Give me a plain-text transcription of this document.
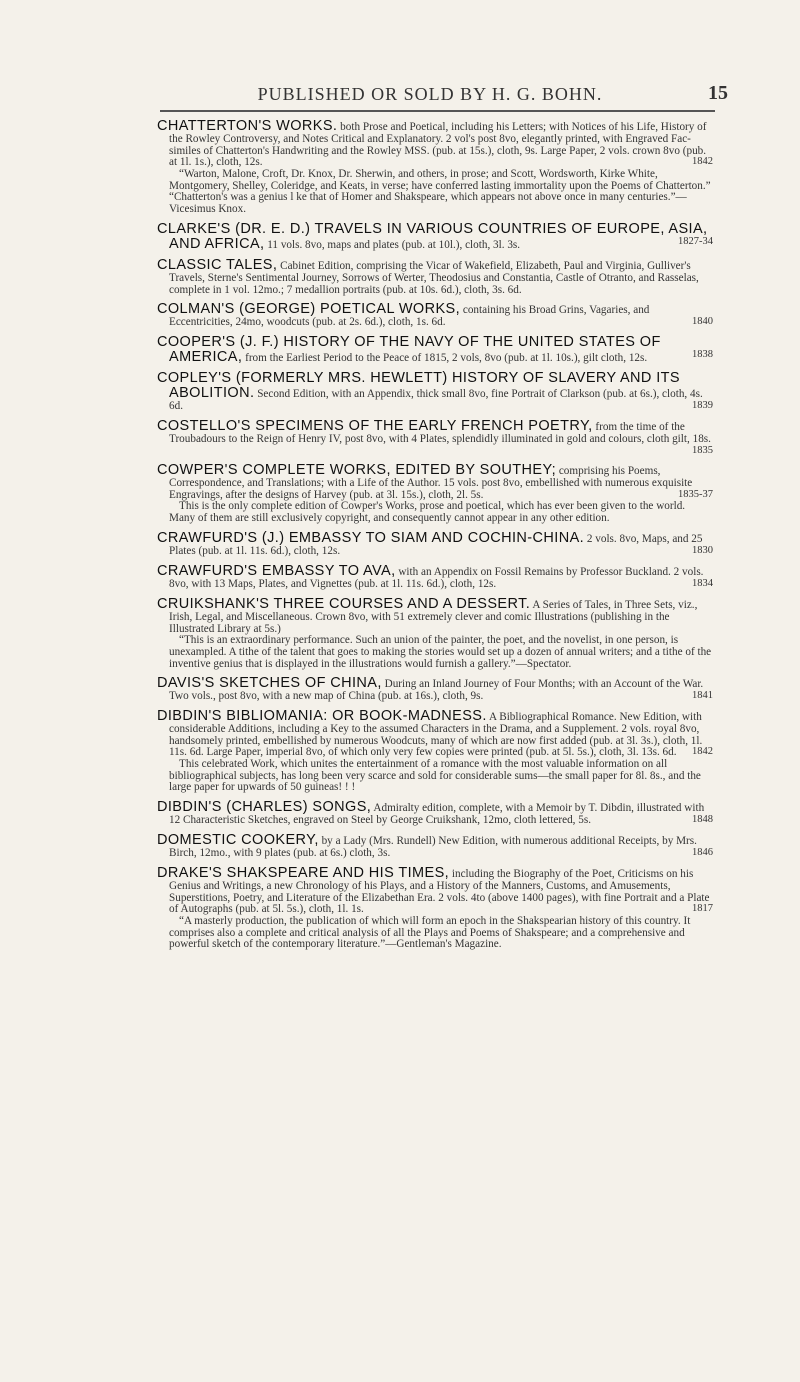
PUBLISHED OR SOLD BY H. G. BOHN.	15

CHATTERTON'S WORKS. both Prose and Poetical, including his Letters; with Notices of his Life, History of the Rowley Controversy, and Notes Critical and Explanatory. 2 vol's post 8vo, elegantly printed, with Engraved Fac-similes of Chatterton's Handwriting and the Rowley MSS. (pub. at 15s.), cloth, 9s. Large Paper, 2 vols. crown 8vo (pub. at 1l. 1s.), cloth, 12s.	1842

“Warton, Malone, Croft, Dr. Knox, Dr. Sherwin, and others, in prose; and Scott, Wordsworth, Kirke White, Montgomery, Shelley, Coleridge, and Keats, in verse; have conferred lasting immortality upon the Poems of Chatterton.” “Chatterton's was a genius l ke that of Homer and Shakspeare, which appears not above once in many centuries.”—Vicesimus Knox.

CLARKE'S (DR. E. D.) TRAVELS IN VARIOUS COUNTRIES OF EUROPE, ASIA, AND AFRICA, 11 vols. 8vo, maps and plates (pub. at 10l.), cloth, 3l. 3s.	1827-34

CLASSIC TALES, Cabinet Edition, comprising the Vicar of Wakefield, Elizabeth, Paul and Virginia, Gulliver's Travels, Sterne's Sentimental Journey, Sorrows of Werter, Theodosius and Constantia, Castle of Otranto, and Rasselas, complete in 1 vol. 12mo.; 7 medallion portraits (pub. at 10s. 6d.), cloth, 3s. 6d.

COLMAN'S (GEORGE) POETICAL WORKS, containing his Broad Grins, Vagaries, and Eccentricities, 24mo, woodcuts (pub. at 2s. 6d.), cloth, 1s. 6d.	1840

COOPER'S (J. F.) HISTORY OF THE NAVY OF THE UNITED STATES OF AMERICA, from the Earliest Period to the Peace of 1815, 2 vols, 8vo (pub. at 1l. 10s.), gilt cloth, 12s.	1838

COPLEY'S (FORMERLY MRS. HEWLETT) HISTORY OF SLAVERY AND ITS ABOLITION. Second Edition, with an Appendix, thick small 8vo, fine Portrait of Clarkson (pub. at 6s.), cloth, 4s. 6d.	1839

COSTELLO'S SPECIMENS OF THE EARLY FRENCH POETRY, from the time of the Troubadours to the Reign of Henry IV, post 8vo, with 4 Plates, splendidly illuminated in gold and colours, cloth gilt, 18s.
1835

COWPER'S COMPLETE WORKS, EDITED BY SOUTHEY; comprising his Poems, Correspondence, and Translations; with a Life of the Author. 15 vols. post 8vo, embellished with numerous exquisite Engravings, after the designs of Harvey (pub. at 3l. 15s.), cloth, 2l. 5s.	1835-37

This is the only complete edition of Cowper's Works, prose and poetical, which has ever been given to the world. Many of them are still exclusively copyright, and consequently cannot appear in any other edition.

CRAWFURD'S (J.) EMBASSY TO SIAM AND COCHIN-CHINA. 2 vols. 8vo, Maps, and 25 Plates (pub. at 1l. 11s. 6d.), cloth, 12s.	1830

CRAWFURD'S EMBASSY TO AVA, with an Appendix on Fossil Remains by Professor Buckland. 2 vols. 8vo, with 13 Maps, Plates, and Vignettes (pub. at 1l. 11s. 6d.), cloth, 12s.	1834

CRUIKSHANK'S THREE COURSES AND A DESSERT. A Series of Tales, in Three Sets, viz., Irish, Legal, and Miscellaneous. Crown 8vo, with 51 extremely clever and comic Illustrations (publishing in the Illustrated Library at 5s.)

“This is an extraordinary performance. Such an union of the painter, the poet, and the novelist, in one person, is unexampled. A tithe of the talent that goes to making the stories would set up a dozen of annual writers; and a tithe of the inventive genius that is displayed in the illustrations would furnish a gallery.”—Spectator.

DAVIS'S SKETCHES OF CHINA, During an Inland Journey of Four Months; with an Account of the War. Two vols., post 8vo, with a new map of China (pub. at 16s.), cloth, 9s.	1841

DIBDIN'S BIBLIOMANIA: OR BOOK-MADNESS. A Bibliographical Romance. New Edition, with considerable Additions, including a Key to the assumed Characters in the Drama, and a Supplement. 2 vols. royal 8vo, handsomely printed, embellished by numerous Woodcuts, many of which are now first added (pub. at 3l. 3s.), cloth, 1l. 11s. 6d. Large Paper, imperial 8vo, of which only very few copies were printed (pub. at 5l. 5s.), cloth, 3l. 13s. 6d. 1842

This celebrated Work, which unites the entertainment of a romance with the most valuable information on all bibliographical subjects, has long been very scarce and sold for considerable sums—the small paper for 8l. 8s., and the large paper for upwards of 50 guineas! ! !

DIBDIN'S (CHARLES) SONGS, Admiralty edition, complete, with a Memoir by T. Dibdin, illustrated with 12 Characteristic Sketches, engraved on Steel by George Cruikshank, 12mo, cloth lettered, 5s.	1848

DOMESTIC COOKERY, by a Lady (Mrs. Rundell) New Edition, with numerous additional Receipts, by Mrs. Birch, 12mo., with 9 plates (pub. at 6s.) cloth, 3s.	1846

DRAKE'S SHAKSPEARE AND HIS TIMES, including the Biography of the Poet, Criticisms on his Genius and Writings, a new Chronology of his Plays, and a History of the Manners, Customs, and Amusements, Superstitions, Poetry, and Literature of the Elizabethan Era. 2 vols. 4to (above 1400 pages), with fine Portrait and a Plate of Autographs (pub. at 5l. 5s.), cloth, 1l. 1s.	1817

“A masterly production, the publication of which will form an epoch in the Shakspearian history of this country. It comprises also a complete and critical analysis of all the Plays and Poems of Shakspeare; and a comprehensive and powerful sketch of the contemporary literature.”—Gentleman's Magazine.
